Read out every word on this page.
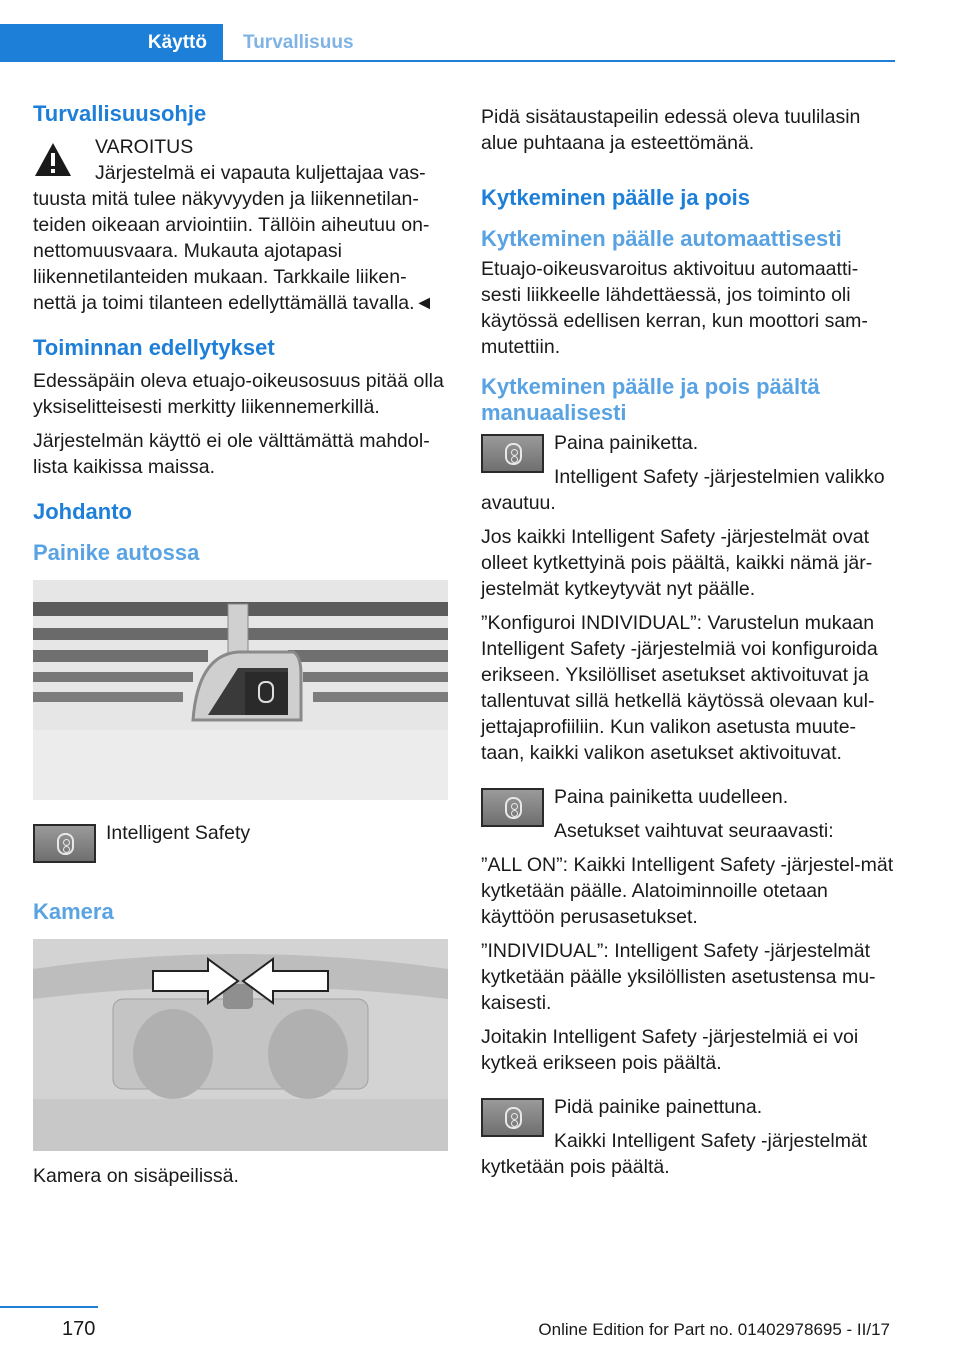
Käyttö	Turvallisuus
Turvallisuusohje
VAROITUS
Järjestelmä ei vapauta kuljettajaa vas-
tuusta mitä tulee näkyvyyden ja liikennetilan-teiden oikeaan arviointiin. Tällöin aiheutuu on-nettomuusvaara. Mukauta ajotapasi liikennetilanteiden mukaan. Tarkkaile liiken-nettä ja toimi tilanteen edellyttämällä tavalla.◄
Toiminnan edellytykset
Edessäpäin oleva etuajo-oikeusosuus pitää olla yksiselitteisesti merkitty liikennemerkillä.
Järjestelmän käyttö ei ole välttämättä mahdol-lista kaikissa maissa.
Johdanto
Painike autossa
Intelligent Safety
Kamera
Kamera on sisäpeilissä.
Pidä sisätaustapeilin edessä oleva tuulilasin alue puhtaana ja esteettömänä.
Kytkeminen päälle ja pois
Kytkeminen päälle automaattisesti
Etuajo-oikeusvaroitus aktivoituu automaatti-sesti liikkeelle lähdettäessä, jos toiminto oli käytössä edellisen kerran, kun moottori sam-mutettiin.
Kytkeminen päälle ja pois päältä manuaalisesti
Paina painiketta.
Intelligent Safety -järjestelmien valikko avautuu.
Jos kaikki Intelligent Safety -järjestelmät ovat olleet kytkettyinä pois päältä, kaikki nämä jär-jestelmät kytkeytyvät nyt päälle.
”Konfiguroi INDIVIDUAL”: Varustelun mukaan Intelligent Safety -järjestelmiä voi konfiguroida erikseen. Yksilölliset asetukset aktivoituvat ja tallentuvat sillä hetkellä käytössä olevaan kul-jettajaprofiiliin. Kun valikon asetusta muute-taan, kaikki valikon asetukset aktivoituvat.
Paina painiketta uudelleen.
Asetukset vaihtuvat seuraavasti:
”ALL ON”: Kaikki Intelligent Safety -järjestel-mät kytketään päälle. Alatoiminnoille otetaan käyttöön perusasetukset.
”INDIVIDUAL”: Intelligent Safety -järjestelmät kytketään päälle yksilöllisten asetustensa mu-kaisesti.
Joitakin Intelligent Safety -järjestelmiä ei voi kytkeä erikseen pois päältä.
Pidä painike painettuna.
Kaikki Intelligent Safety -järjestelmät kytketään pois päältä.
170	Online Edition for Part no. 01402978695 - II/17
